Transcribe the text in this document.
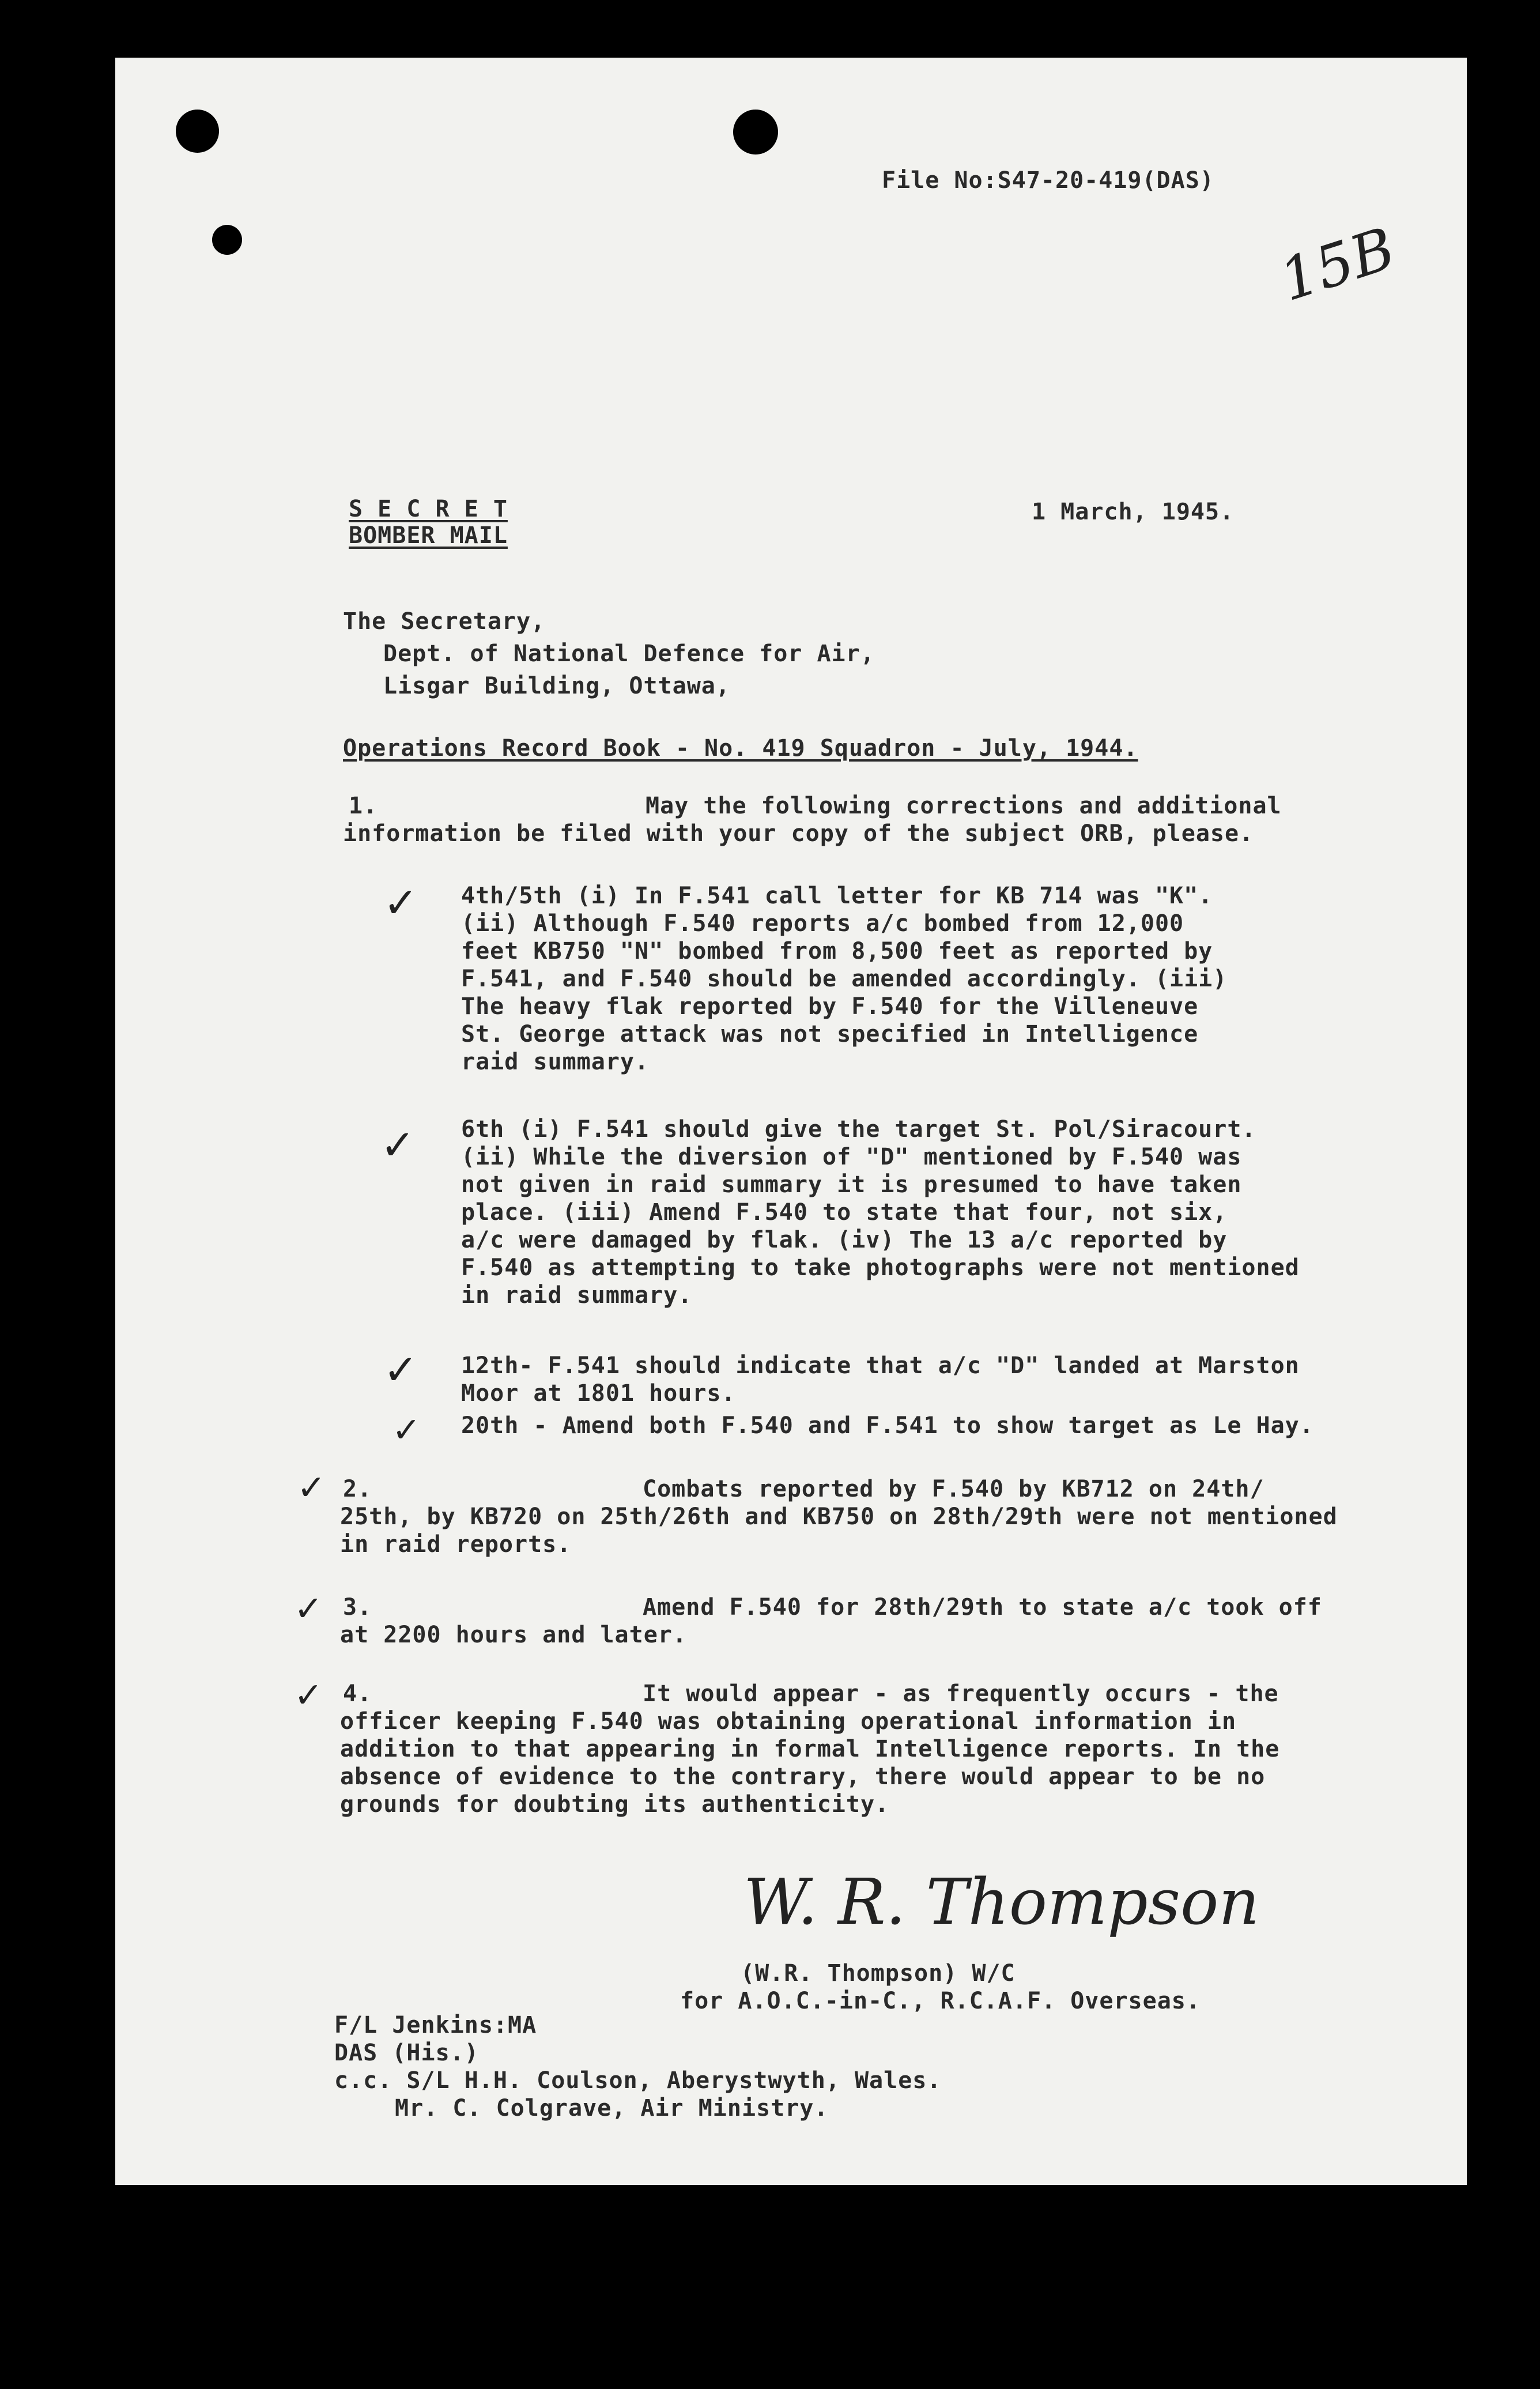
File No:S47-20-419(DAS)
15B
S E C R E T
BOMBER MAIL
1 March, 1945.
The Secretary,
Dept. of National Defence for Air,
Lisgar Building, Ottawa,
Operations Record Book - No. 419 Squadron - July, 1944.
1.	May the following corrections and additional
information be filed with your copy of the subject ORB, please.
✓ 4th/5th (i) In F.541 call letter for KB 714 was "K".
(ii) Although F.540 reports a/c bombed from 12,000
feet KB750 "N" bombed from 8,500 feet as reported by
F.541, and F.540 should be amended accordingly. (iii)
The heavy flak reported by F.540 for the Villeneuve
St. George attack was not specified in Intelligence
raid summary.
✓ 6th (i) F.541 should give the target St. Pol/Siracourt.
(ii) While the diversion of "D" mentioned by F.540 was
not given in raid summary it is presumed to have taken
place. (iii) Amend F.540 to state that four, not six,
a/c were damaged by flak. (iv) The 13 a/c reported by
F.540 as attempting to take photographs were not mentioned
in raid summary.
✓ 12th- F.541 should indicate that a/c "D" landed at Marston
Moor at 1801 hours.
✓ 20th - Amend both F.540 and F.541 to show target as Le Hay.
✓ 2.	Combats reported by F.540 by KB712 on 24th/
25th, by KB720 on 25th/26th and KB750 on 28th/29th were not mentioned
in raid reports.
✓ 3.	Amend F.540 for 28th/29th to state a/c took off
at 2200 hours and later.
✓ 4.	It would appear - as frequently occurs - the
officer keeping F.540 was obtaining operational information in
addition to that appearing in formal Intelligence reports. In the
absence of evidence to the contrary, there would appear to be no
grounds for doubting its authenticity.
W. R. Thompson
(W.R. Thompson) W/C
for A.O.C.-in-C., R.C.A.F. Overseas.
F/L Jenkins:MA
DAS (His.)
c.c. S/L H.H. Coulson, Aberystwyth, Wales.
Mr. C. Colgrave, Air Ministry.
